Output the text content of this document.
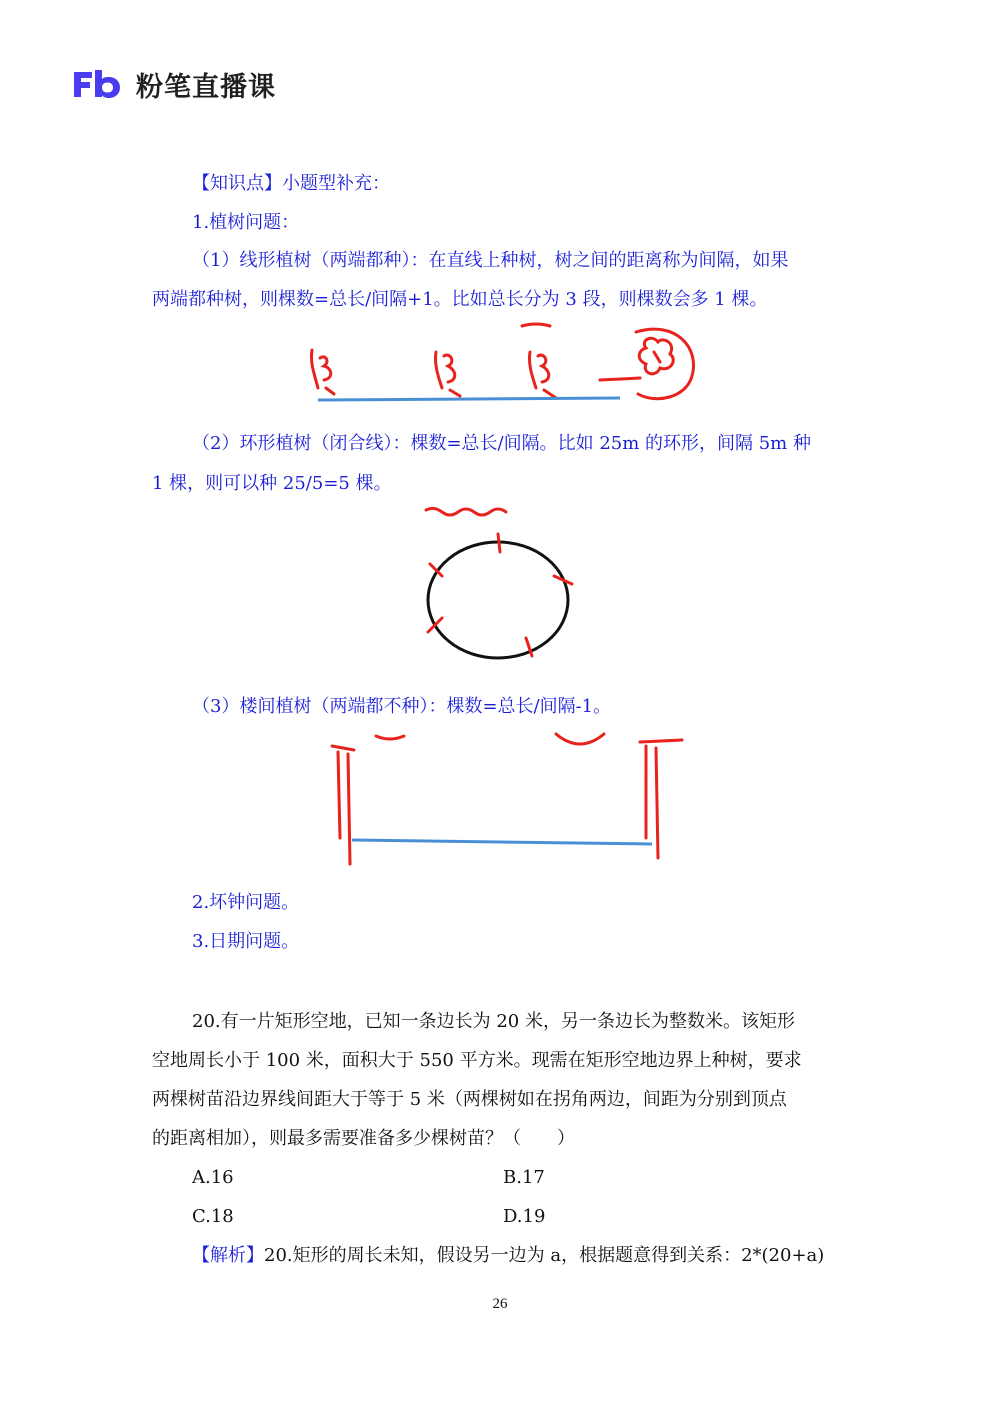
粉笔直播课
【知识点】小题型补充：
1.植树问题：
（1）线形植树（两端都种）：在直线上种树，树之间的距离称为间隔，如果
两端都种树，则棵数=总长/间隔+1。比如总长分为 3 段，则棵数会多 1 棵。
（2）环形植树（闭合线）：棵数=总长/间隔。比如 25m 的环形，间隔 5m 种
1 棵，则可以种 25/5=5 棵。
（3）楼间植树（两端都不种）：棵数=总长/间隔-1。
2.坏钟问题。
3.日期问题。
20.有一片矩形空地，已知一条边长为 20 米，另一条边长为整数米。该矩形
空地周长小于 100 米，面积大于 550 平方米。现需在矩形空地边界上种树，要求
两棵树苗沿边界线间距大于等于 5 米（两棵树如在拐角两边，间距为分别到顶点
的距离相加），则最多需要准备多少棵树苗？（　　）
A.16	B.17
C.18	D.19
【解析】20.矩形的周长未知，假设另一边为 a，根据题意得到关系：2*(20+a)
26
